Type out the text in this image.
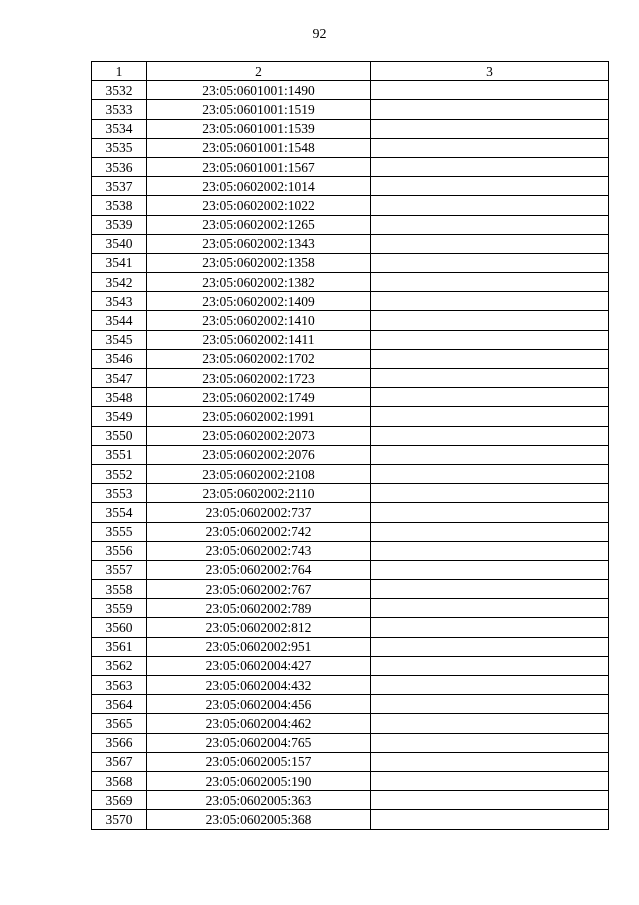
92
1	2	3
3532	23:05:0601001:1490	
3533	23:05:0601001:1519	
3534	23:05:0601001:1539	
3535	23:05:0601001:1548	
3536	23:05:0601001:1567	
3537	23:05:0602002:1014	
3538	23:05:0602002:1022	
3539	23:05:0602002:1265	
3540	23:05:0602002:1343	
3541	23:05:0602002:1358	
3542	23:05:0602002:1382	
3543	23:05:0602002:1409	
3544	23:05:0602002:1410	
3545	23:05:0602002:1411	
3546	23:05:0602002:1702	
3547	23:05:0602002:1723	
3548	23:05:0602002:1749	
3549	23:05:0602002:1991	
3550	23:05:0602002:2073	
3551	23:05:0602002:2076	
3552	23:05:0602002:2108	
3553	23:05:0602002:2110	
3554	23:05:0602002:737	
3555	23:05:0602002:742	
3556	23:05:0602002:743	
3557	23:05:0602002:764	
3558	23:05:0602002:767	
3559	23:05:0602002:789	
3560	23:05:0602002:812	
3561	23:05:0602002:951	
3562	23:05:0602004:427	
3563	23:05:0602004:432	
3564	23:05:0602004:456	
3565	23:05:0602004:462	
3566	23:05:0602004:765	
3567	23:05:0602005:157	
3568	23:05:0602005:190	
3569	23:05:0602005:363	
3570	23:05:0602005:368	
